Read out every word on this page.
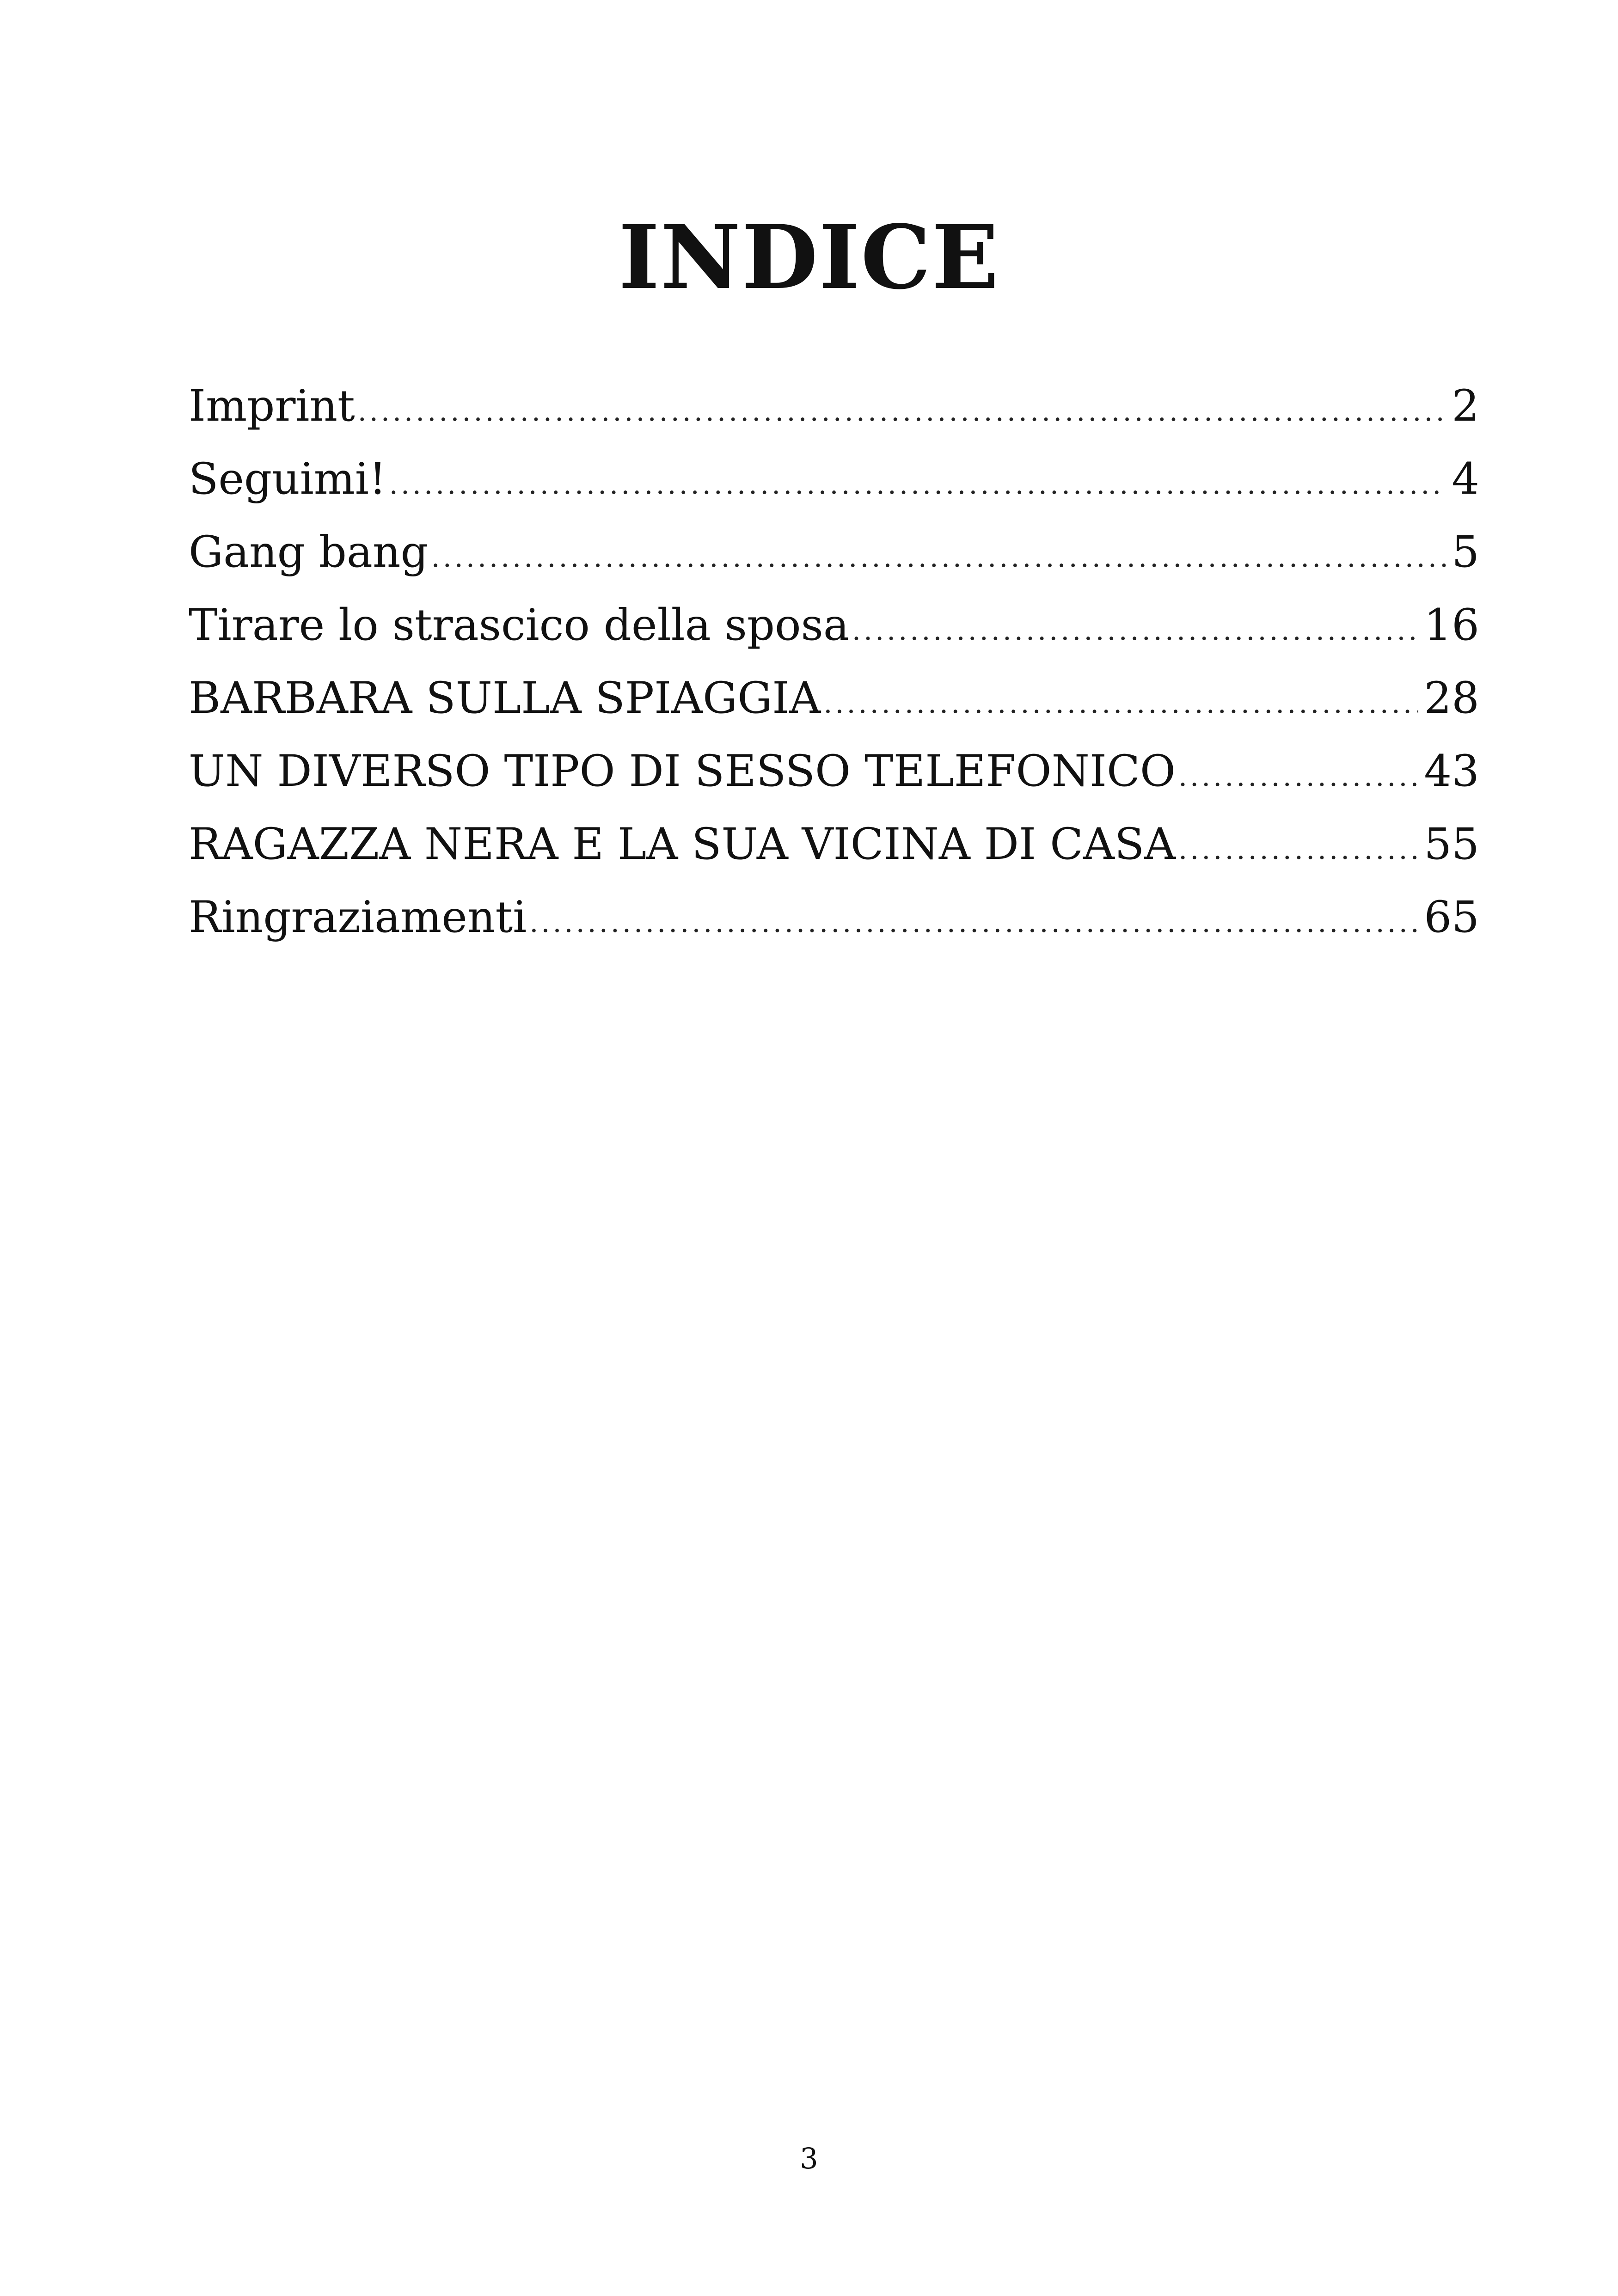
INDICE
Imprint .....	2
Seguimi! .....	4
Gang bang .....	5
Tirare lo strascico della sposa .....	16
BARBARA SULLA SPIAGGIA .....	28
UN DIVERSO TIPO DI SESSO TELEFONICO .....	43
RAGAZZA NERA E LA SUA VICINA DI CASA .....	55
Ringraziamenti .....	65
3
